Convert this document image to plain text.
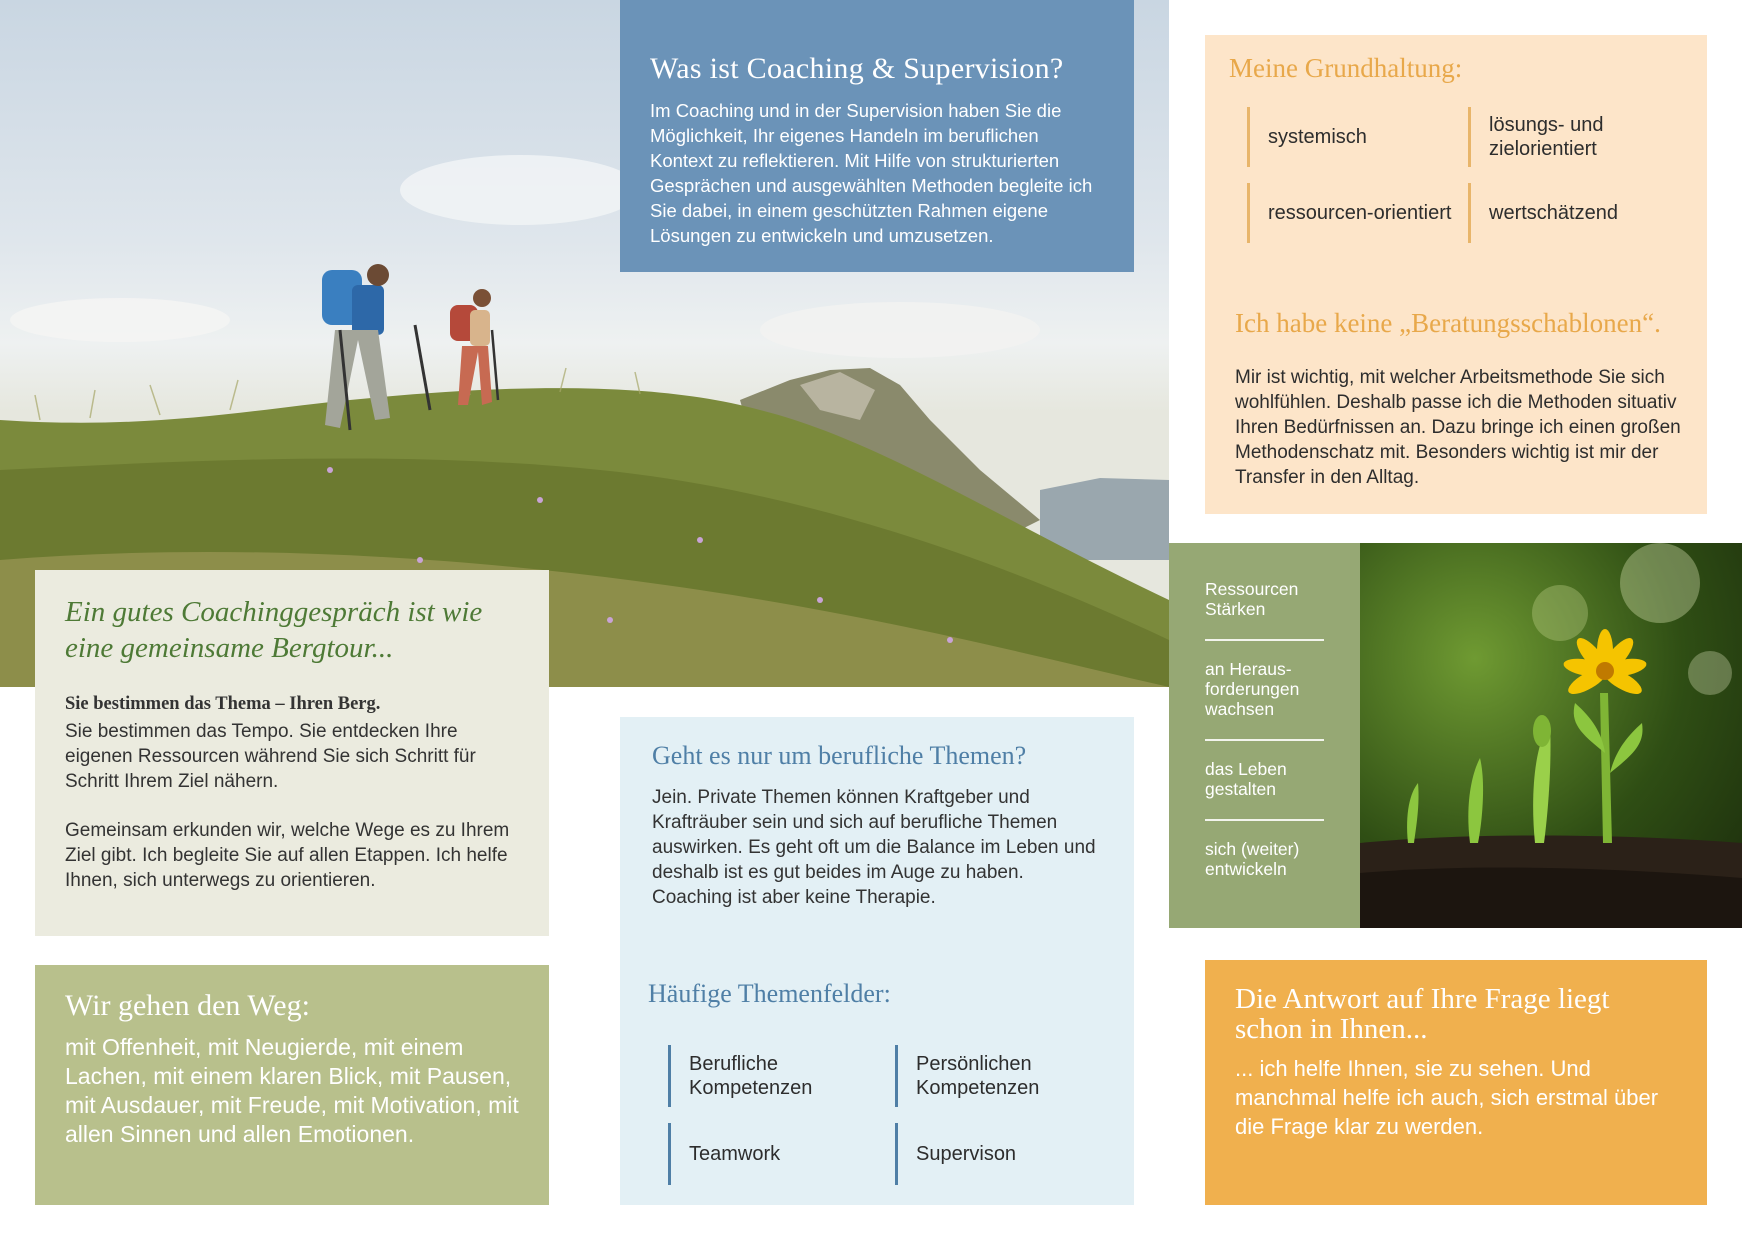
Was ist Coaching & Supervision?

Im Coaching und in der Supervision haben Sie die Möglichkeit, Ihr eigenes Handeln im beruflichen Kontext zu reflektieren. Mit Hilfe von strukturierten Gesprächen und ausgewählten Methoden begleite ich Sie dabei, in einem geschützten Rahmen eigene Lösungen zu entwickeln und umzusetzen.

Meine Grundhaltung:
systemisch
lösungs- und zielorientiert
ressourcen-orientiert	wertschätzend
Ich habe keine „Beratungsschablonen“.

Mir ist wichtig, mit welcher Arbeitsmethode Sie sich wohlfühlen. Deshalb passe ich die Methoden situativ Ihren Bedürfnissen an. Dazu bringe ich einen großen Methodenschatz mit. Besonders wichtig ist mir der Transfer in den Alltag.

Ressourcen Stärken
an Heraus-forderungen wachsen
das Leben gestalten
sich (weiter) entwickeln
Ein gutes Coachinggespräch ist wie eine gemeinsame Bergtour...
Sie bestimmen das Thema – Ihren Berg.

Sie bestimmen das Tempo. Sie entdecken Ihre eigenen Ressourcen während Sie sich Schritt für Schritt Ihrem Ziel nähern.

Gemeinsam erkunden wir, welche Wege es zu Ihrem Ziel gibt. Ich begleite Sie auf allen Etappen. Ich helfe Ihnen, sich unterwegs zu orientieren.

Wir gehen den Weg:

mit Offenheit, mit Neugierde, mit einem Lachen, mit einem klaren Blick, mit Pausen, mit Ausdauer, mit Freude, mit Motivation, mit allen Sinnen und allen Emotionen.

Geht es nur um berufliche Themen?

Jein. Private Themen können Kraftgeber und Krafträuber sein und sich auf berufliche Themen auswirken. Es geht oft um die Balance im Leben und deshalb ist es gut beides im Auge zu haben. Coaching ist aber keine Therapie.

Häufige Themenfelder:
Berufliche Kompetenzen
Persönlichen Kompetenzen
Teamwork	Supervison
Die Antwort auf Ihre Frage liegt schon in Ihnen...

... ich helfe Ihnen, sie zu sehen. Und manchmal helfe ich auch, sich erstmal über die Frage klar zu werden.
